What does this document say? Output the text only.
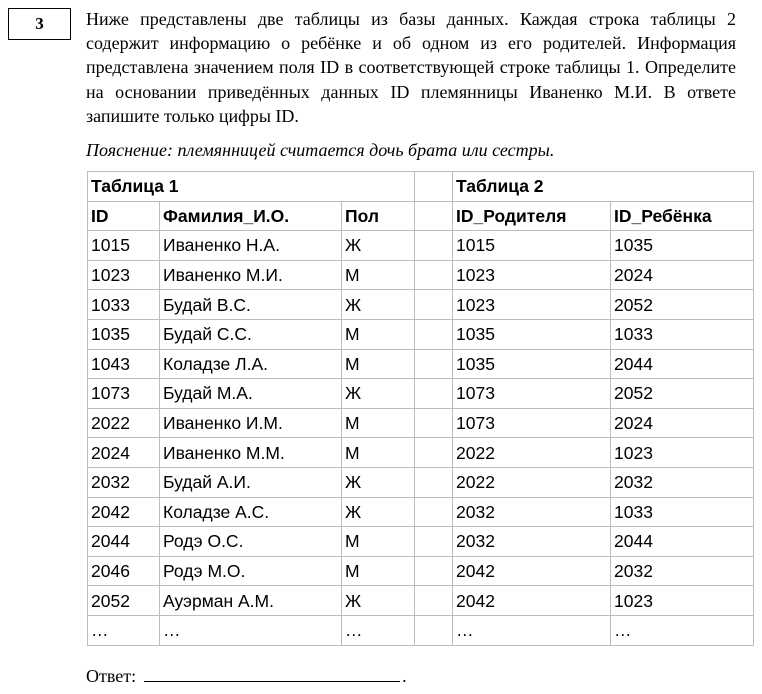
3 Ниже представлены две таблицы из базы данных. Каждая строка таблицы 2 содержит информацию о ребёнке и об одном из его родителей. Информация представлена значением поля ID в соответствующей строке таблицы 1. Определите на основании приведённых данных ID племянницы Иваненко М.И. В ответе запишите только цифры ID.
Пояснение: племянницей считается дочь брата или сестры.
Таблица 1				Таблица 2	
ID	Фамилия_И.О.	Пол		ID_Родителя	ID_Ребёнка
1015	Иваненко Н.А.	Ж		1015	1035
1023	Иваненко М.И.	М		1023	2024
1033	Будай В.С.	Ж		1023	2052
1035	Будай С.С.	М		1035	1033
1043	Коладзе Л.А.	М		1035	2044
1073	Будай М.А.	Ж		1073	2052
2022	Иваненко И.М.	М		1073	2024
2024	Иваненко М.М.	М		2022	1023
2032	Будай А.И.	Ж		2022	2032
2042	Коладзе А.С.	Ж		2032	1033
2044	Родэ О.С.	М		2032	2044
2046	Родэ М.О.	М		2042	2032
2052	Ауэрман А.М.	Ж		2042	1023
…	…	…		…	…
Ответ:	.
